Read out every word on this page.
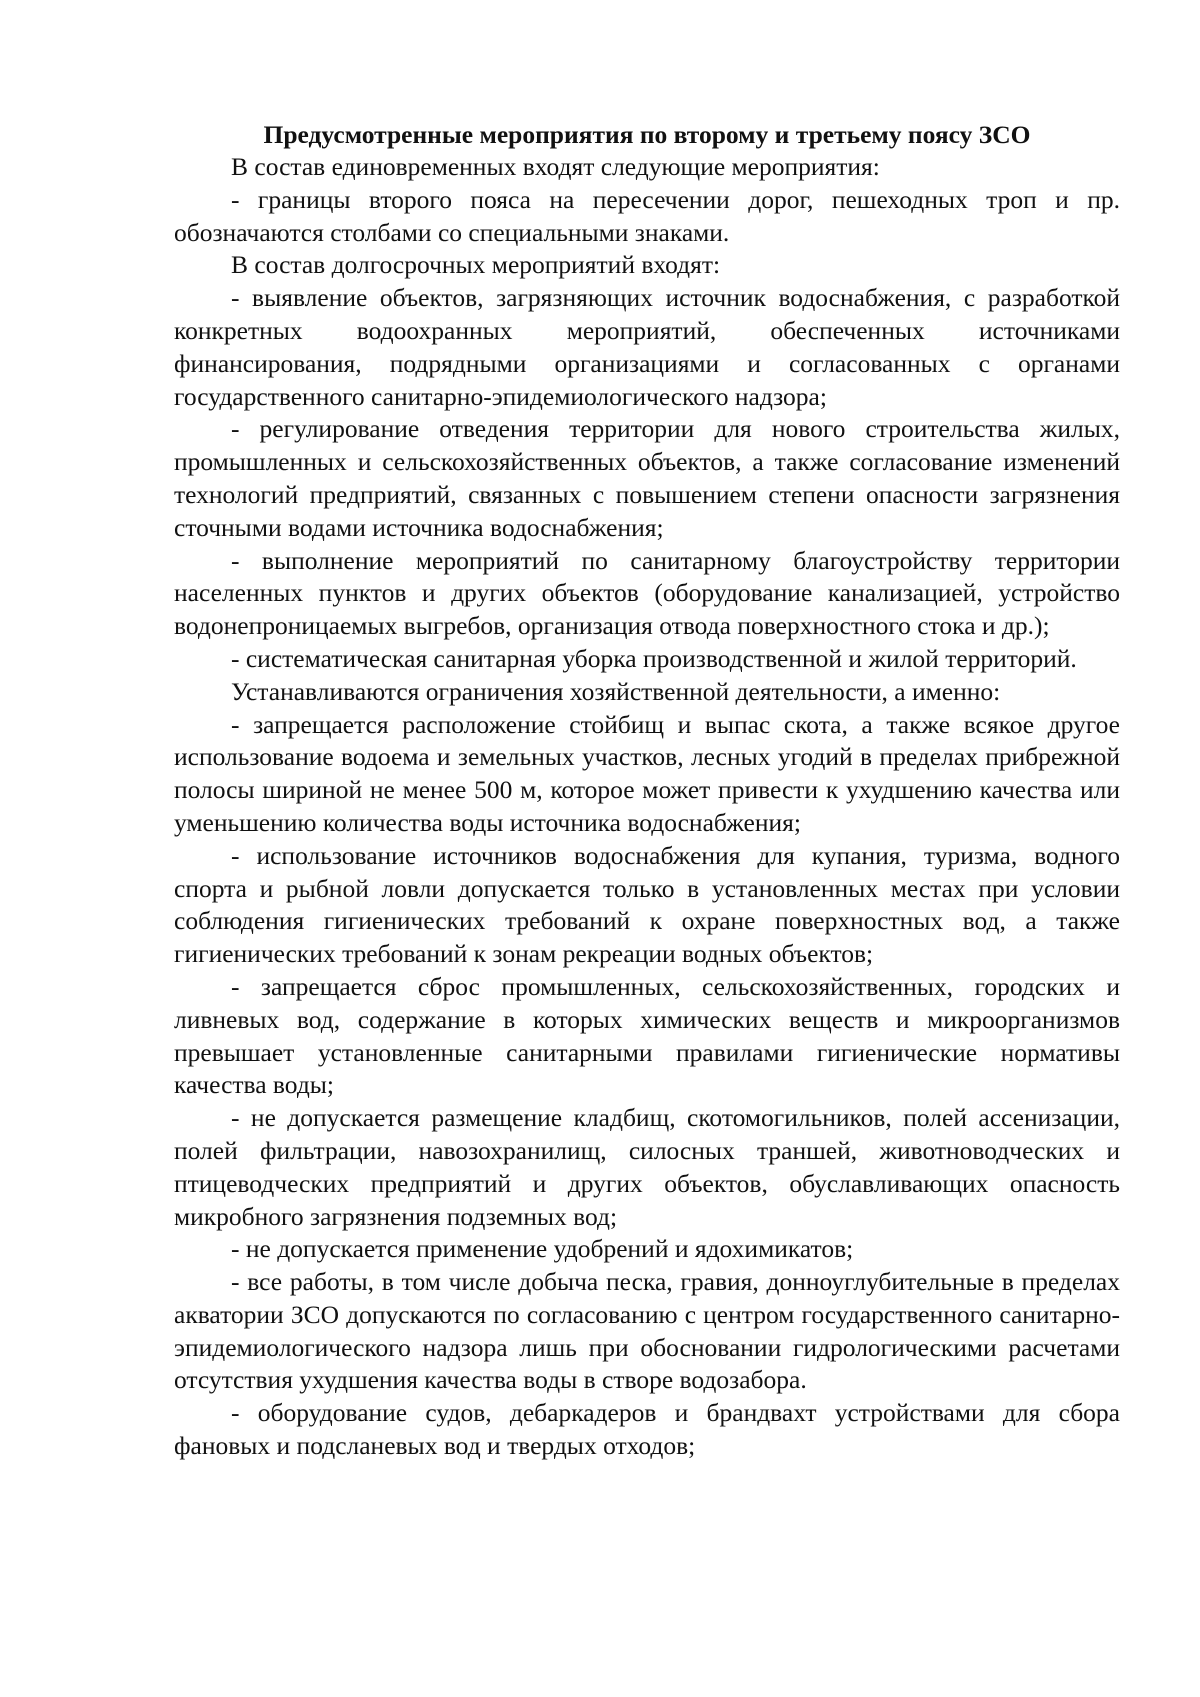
Предусмотренные мероприятия по второму и третьему поясу ЗСО

В состав единовременных входят следующие мероприятия:

- границы второго пояса на пересечении дорог, пешеходных троп и пр. обозначаются столбами со специальными знаками.

В состав долгосрочных мероприятий входят:

- выявление объектов, загрязняющих источник водоснабжения, с разработкой конкретных водоохранных мероприятий, обеспеченных источниками финансирования, подрядными организациями и согласованных с органами государственного санитарно-эпидемиологического надзора;

- регулирование отведения территории для нового строительства жилых, промышленных и сельскохозяйственных объектов, а также согласование изменений технологий предприятий, связанных с повышением степени опасности загрязнения сточными водами источника водоснабжения;

- выполнение мероприятий по санитарному благоустройству территории населенных пунктов и других объектов (оборудование канализацией, устройство водонепроницаемых выгребов, организация отвода поверхностного стока и др.);

- систематическая санитарная уборка производственной и жилой территорий.

Устанавливаются ограничения хозяйственной деятельности, а именно:

- запрещается расположение стойбищ и выпас скота, а также всякое другое использование водоема и земельных участков, лесных угодий в пределах прибрежной полосы шириной не менее 500 м, которое может привести к ухудшению качества или уменьшению количества воды источника водоснабжения;

- использование источников водоснабжения для купания, туризма, водного спорта и рыбной ловли допускается только в установленных местах при условии соблюдения гигиенических требований к охране поверхностных вод, а также гигиенических требований к зонам рекреации водных объектов;

- запрещается сброс промышленных, сельскохозяйственных, городских и ливневых вод, содержание в которых химических веществ и микроорганизмов превышает установленные санитарными правилами гигиенические нормативы качества воды;

- не допускается размещение кладбищ, скотомогильников, полей ассенизации, полей фильтрации, навозохранилищ, силосных траншей, животноводческих и птицеводческих предприятий и других объектов, обуславливающих опасность микробного загрязнения подземных вод;

- не допускается применение удобрений и ядохимикатов;

- все работы, в том числе добыча песка, гравия, донноуглубительные в пределах акватории ЗСО допускаются по согласованию с центром государственного санитарно-эпидемиологического надзора лишь при обосновании гидрологическими расчетами отсутствия ухудшения качества воды в створе водозабора.

- оборудование судов, дебаркадеров и брандвахт устройствами для сбора фановых и подсланевых вод и твердых отходов;
